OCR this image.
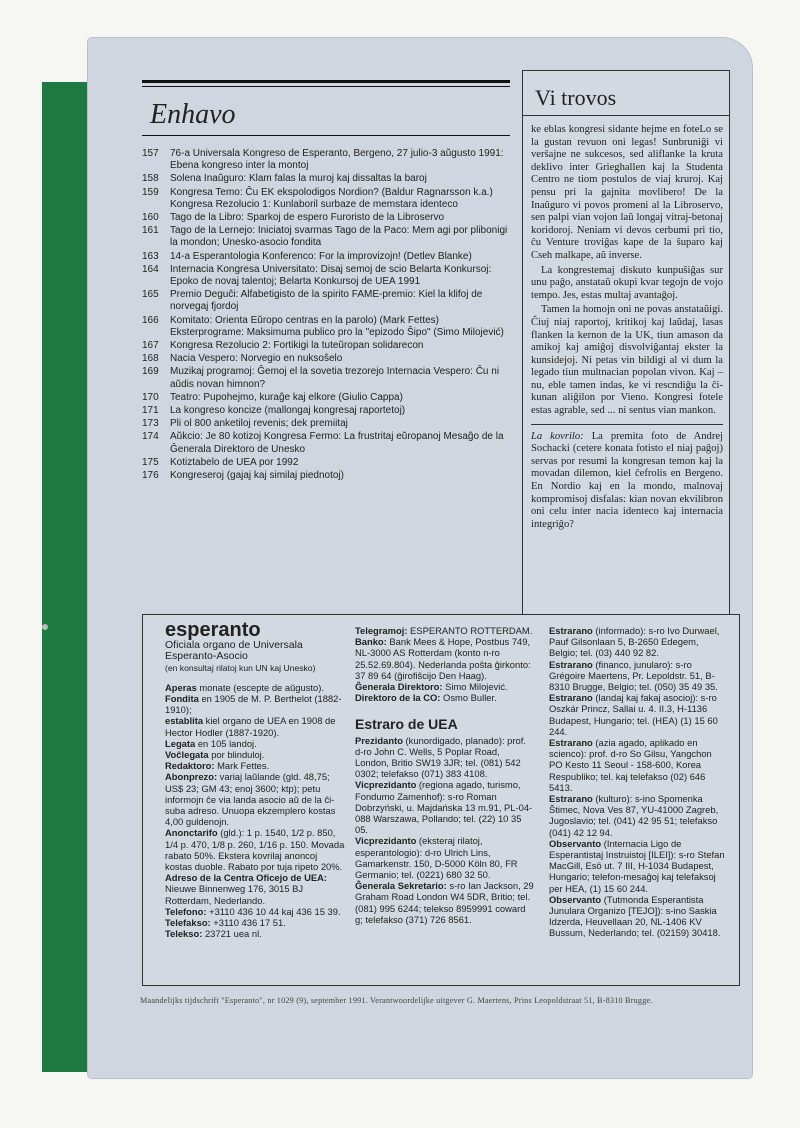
Enhavo
157	76-a Universala Kongreso de Esperanto, Bergeno, 27 julio-3 aŭgusto 1991: Ebena kongreso inter la montoj
158	Solena Inaŭguro: Klam falas la muroj kaj dissaltas la baroj
159	Kongresa Temo: Ĉu EK ekspolodigos Nordion? (Baldur Ragnarsson k.a.) Kongresa Rezolucio 1: Kunlaboril surbaze de memstara identeco
160	Tago de la Libro: Sparkoj de espero Furoristo de la Libroservo
161	Tago de la Lernejo: Iniciatoj svarmas Tago de la Paco: Mem agi por plibonigi la mondon; Unesko-asocio fondita
163	14-a Esperantologia Konferenco: For la improvizojn! (Detlev Blanke)
164	Internacia Kongresa Universitato: Disaj semoj de scio Belarta Konkursoj: Epoko de novaj talentoj; Belarta Konkursoj de UEA 1991
165	Premio Deguĉi: Alfabetigisto de la spirito FAME-premio: Kiel la klifoj de norvegaj fjordoj
166	Komitato: Orienta Eŭropo centras en la parolo) (Mark Fettes) Eksterprograme: Maksimuma publico pro la "epizodo Ŝipo" (Simo Milojević)
167	Kongresa Rezolucio 2: Fortikigi la tuteŭropan solidarecon
168	Nacia Vespero: Norvegio en nuksoŝelo
169	Muzikaj programoj: Ĝemoj el la sovetia trezorejo Internacia Vespero: Ĉu ni aŭdis novan himnon?
170	Teatro: Pupohejmo, kuraĝe kaj elkore (Giulio Cappa)
171	La kongreso koncize (mallongaj kongresaj raportetoj)
173	Pli ol 800 anketiloj revenis; dek premiitaj
174	Aŭkcio: Je 80 kotizoj Kongresa Fermo: La frustritaj eŭropanoj Mesaĝo de la Ĝenerala Direktoro de Unesko
175	Kotiztabelo de UEA por 1992
176	Kongreseroj (gajaj kaj similaj piednotoj)
Vi trovos

ke eblas kongresi sidante hejme en foteLo se la gustan revuon oni legas! Sunbruniĝi vi verŝajne ne sukcesos, sed aliflanke la kruta deklivo inter Grieghallen kaj la Studenta Centro ne tiom postulos de viaj kruroj. Kaj pensu pri la gajnita movlibero! De la Inaŭguro vi povos promeni al la Libroservo, sen palpi vian vojon laŭ longaj vitraj-betonaj koridoroj. Neniam vi devos cerbumi pri tio, ĉu Venture troviĝas kape de la ŝuparo kaj Cseh malkape, aŭ inverse.

La kongrestemaj diskuto kunpuŝiĝas sur unu paĝo, anstataŭ okupi kvar tegojn de vojo tempo. Jes, estas multaj avantaĝoj.

Tamen la homojn oni ne povas anstataŭigi. Ĉiuj niaj raportoj, kritikoj kaj laŭdaj, lasas flanken la kernon de la UK, tiun amason da amikoj kaj amiĝoj disvolviĝantaj ekster la kunsidejoj. Ni petas vin bildigi al vi dum la legado tiun multnacian popolan vivon. Kaj – nu, eble tamen indas, ke vi rescndiĝu la ĉi-kunan aliĝilon por Vieno. Kongresi fotele estas agrable, sed ... ni sentus vian mankon.

La kovrilo: La premita foto de Andrej Sochacki (cetere konata fotisto el niaj paĝoj) servas por resumi la kongresan temon kaj la movadan dilemon, kiel ĉefrolis en Bergeno. En Nordio kaj en la mondo, malnovaj kompromisoj disfalas: kian novan ekvilibron oni celu inter nacia identeco kaj internacia integriĝo?

esperanto
Oficiala organo de Universala Esperanto-Asocio
(en konsultaj rilatoj kun UN kaj Unesko)

Aperas monate (escepte de aŭgusto).

Fondita en 1905 de M. P. Berthelot (1882-1910);

establita kiel organo de UEA en 1908 de Hector Hodler (1887-1920).

Legata en 105 landoj.

Voĉlegata por blinduloj.

Redaktoro: Mark Fettes.

Abonprezo: variaj laŭlande (gld. 48,75; US$ 23; GM 43; enoj 3600; ktp); petu informojn ĉe via landa asocio aŭ de la ĉi-suba adreso. Unuopa ekzemplero kostas 4,00 guldenojn.

Anonctarifo (gld.): 1 p. 1540, 1/2 p. 850, 1/4 p. 470, 1/8 p. 260, 1/16 p. 150. Movada rabato 50%. Ekstera kovrilaj anoncoj kostas duoble. Rabato por tuja ripeto 20%.

Adreso de la Centra Oficejo de UEA: Nieuwe Binnenweg 176, 3015 BJ Rotterdam, Nederlando.

Telefono: +3110 436 10 44 kaj 436 15 39.

Telefakso: +3110 436 17 51.

Telekso: 23721 uea nl.

Telegramoj: ESPERANTO ROTTERDAM.

Banko: Bank Mees & Hope, Postbus 749, NL-3000 AS Rotterdam (konto n-ro 25.52.69.804). Nederlanda poŝta ĝirkonto: 37 89 64 (ĝirofiŝcijo Den Haag).

Ĝenerala Direktoro: Simo Milojević.

Direktoro de la CO: Osmo Buller.

Estraro de UEA

Prezidanto (kunordigado, planado): prof. d-ro John C. Wells, 5 Poplar Road, London, Britio SW19 3JR; tel. (081) 542 0302; telefakso (071) 383 4108.

Vicprezidanto (regiona agado, turismo, Fondumo Zamenhof): s-ro Roman Dobrzyński, u. Majdańska 13 m.91, PL-04-088 Warszawa, Pollando; tel. (22) 10 35 05.

Vicprezidanto (eksteraj rilatoj, esperantologio): d-ro Ulrich Lins, Gamarkenstr. 150, D-5000 Köln 80, FR Germanio; tel. (0221) 680 32 50.

Ĝenerala Sekretario: s-ro Ian Jackson, 29 Graham Road London W4 5DR, Britio; tel. (081) 995 6244; telekso 8959991 coward g; telefakso (371) 726 8561.

Estrarano (informado): s-ro Ivo Durwael, Pauf Gilsonlaan 5, B-2650 Edegem, Belgio; tel. (03) 440 92 82.

Estrarano (financo, junularo): s-ro Grégoire Maertens, Pr. Lepoldstr. 51, B-8310 Brugge, Belgio; tel. (050) 35 49 35.

Estrarano (landaj kaj fakaj asocioj): s-ro Oszkár Princz, Sallai u. 4. II.3, H-1136 Budapest, Hungario; tel. (HEA) (1) 15 60 244.

Estrarano (azia agado, aplikado en scienco): prof. d-ro So Gilsu, Yangchon PO Kesto 11 Seoul - 158-600, Korea Respubliko; tel. kaj telefakso (02) 646 5413.

Estrarano (kulturo): s-ino Spomenka Štimec, Nova Ves 87, YU-41000 Zagreb, Jugoslavio; tel. (041) 42 95 51; telefakso (041) 42 12 94.

Observanto (Internacia Ligo de Esperantistaj Instruistoj [ILEI]): s-ro Stefan MacGill, Esö ut. 7 III, H-1034 Budapest, Hungario; telefon-mesaĝoj kaj telefaksoj per HEA, (1) 15 60 244.

Observanto (Tutmonda Esperantista Junulara Organizo [TEJO]): s-ino Saskia Idzerda, Heuvellaan 20, NL-1406 KV Bussum, Nederlando; tel. (02159) 30418.

Maandelijks tijdschrift "Esperanto", nr 1029 (9), september 1991. Verantwoordelijke uitgever G. Maertens, Prins Leopoldstraat 51, B-8310 Brugge.
